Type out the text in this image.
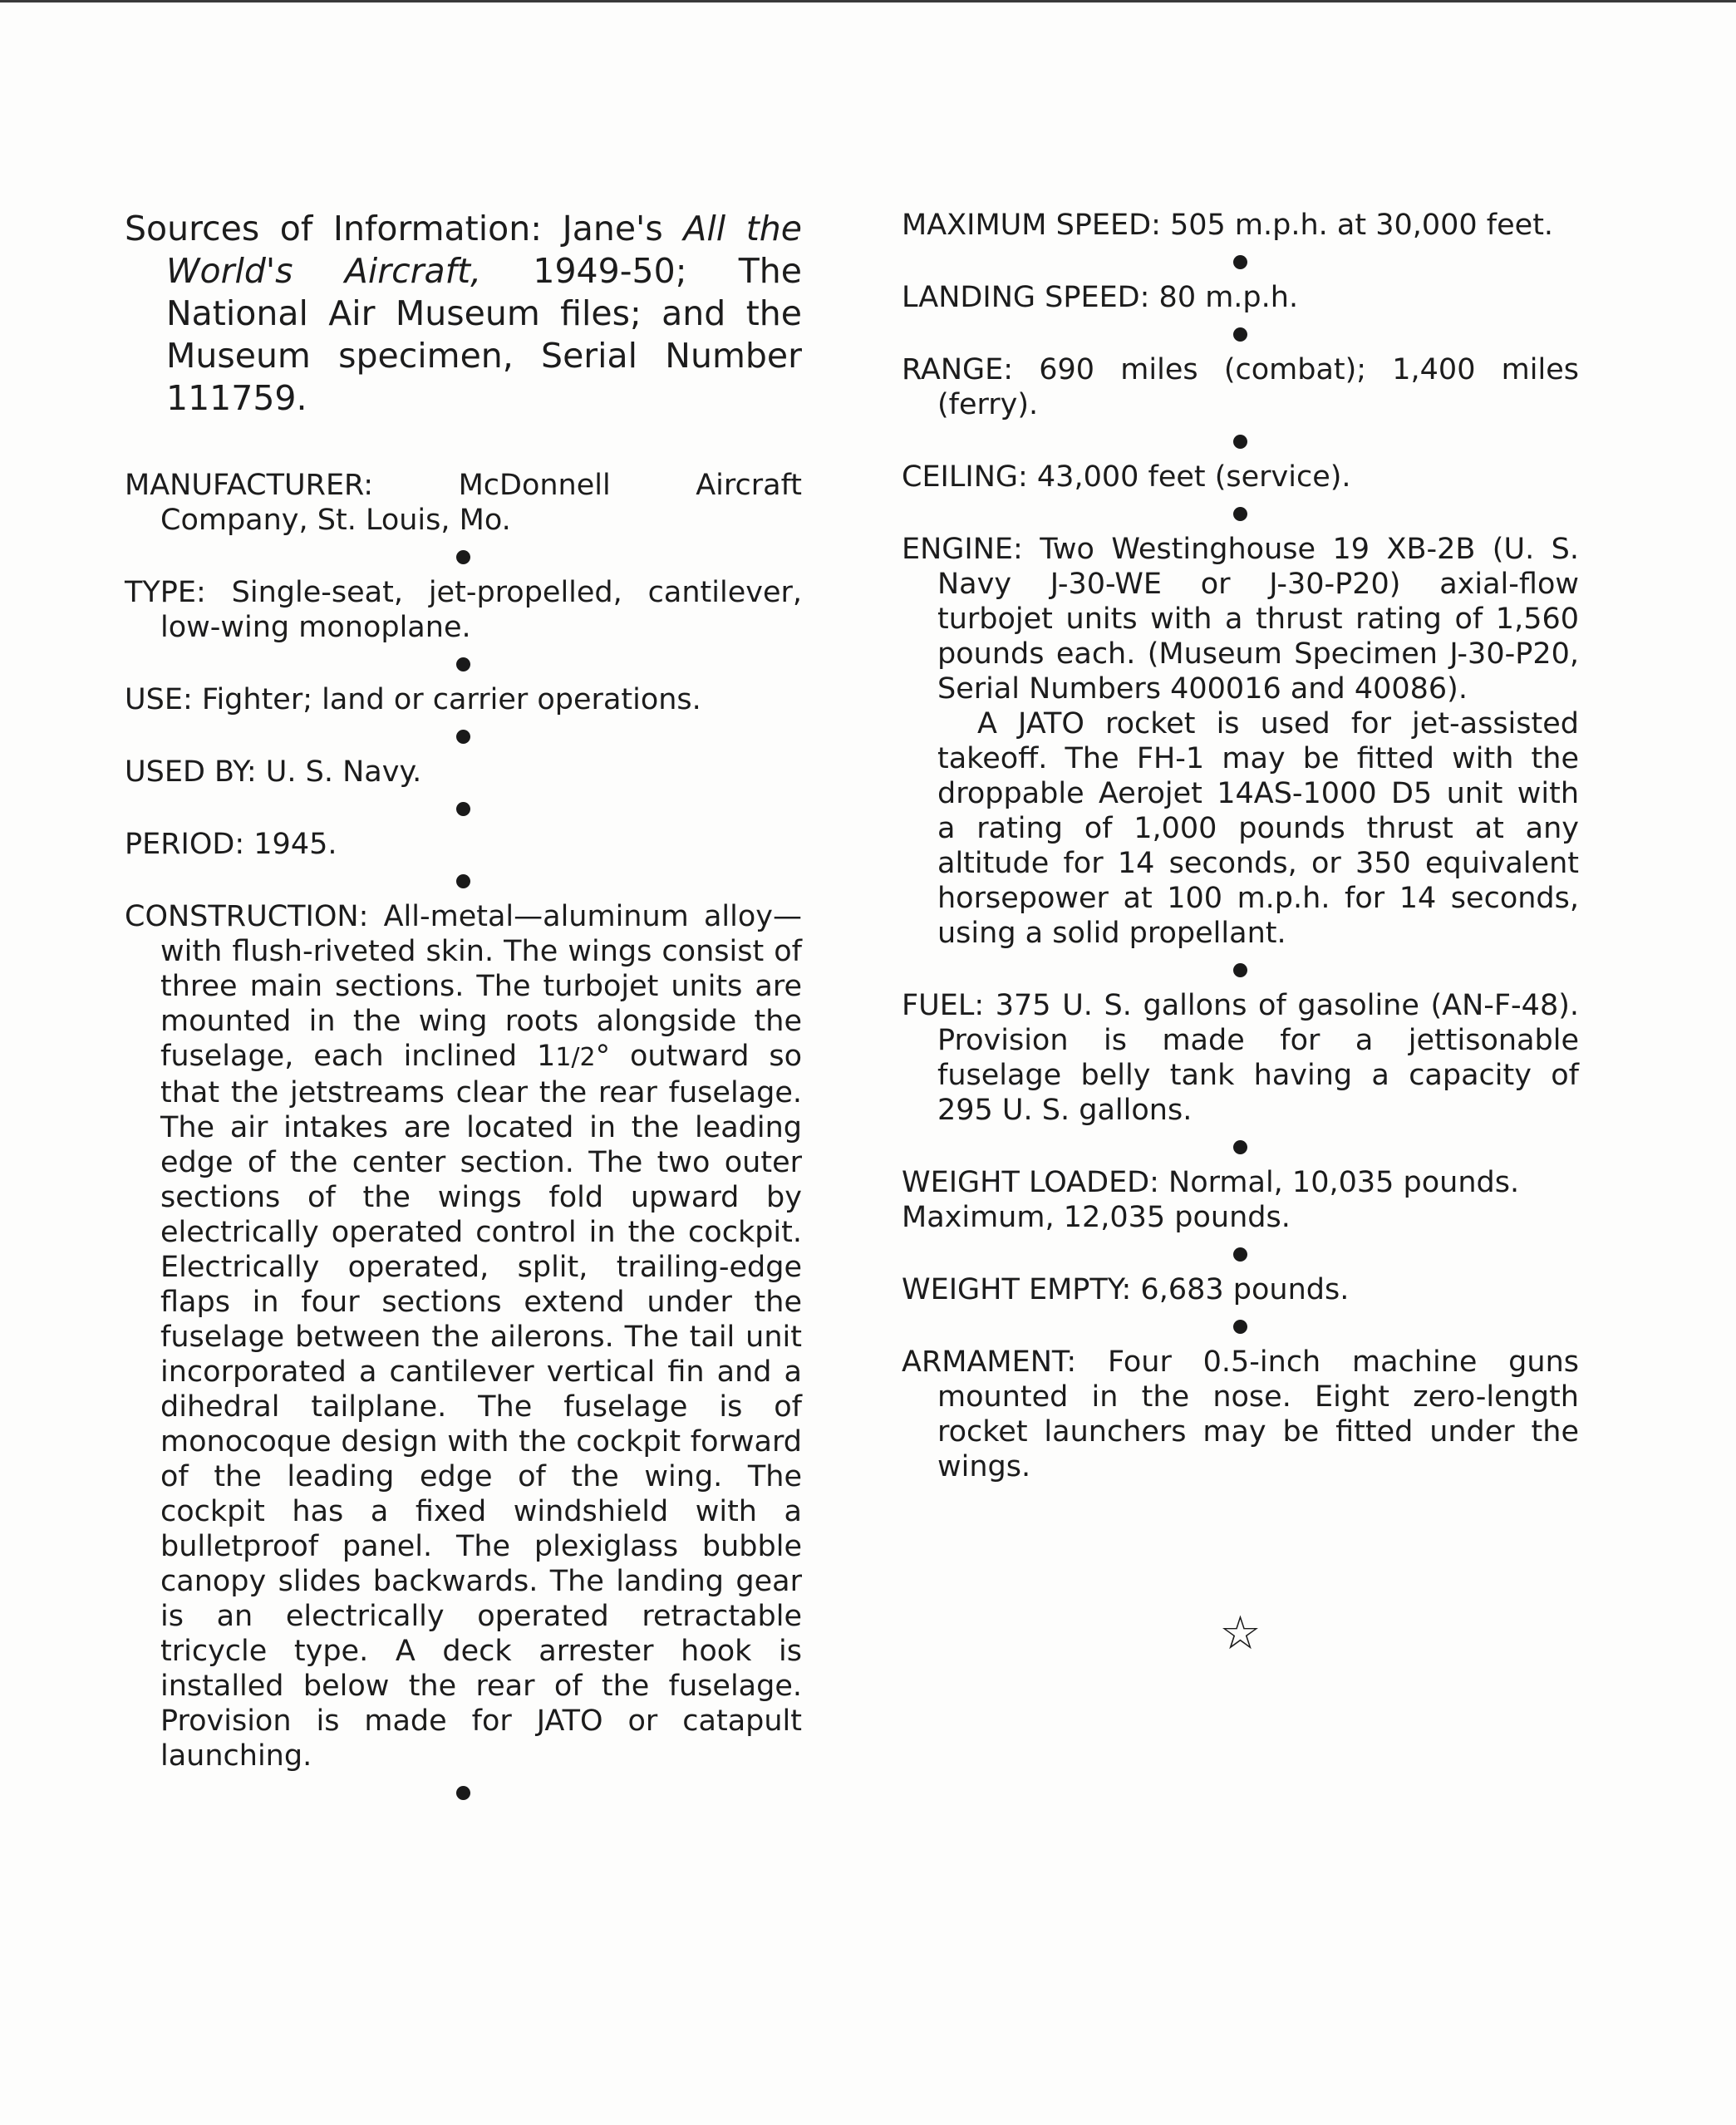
Sources of Information: Jane's All the World's Aircraft, 1949-50; The National Air Museum files; and the Museum specimen, Serial Number 111759.

MANUFACTURER: McDonnell Aircraft Company, St. Louis, Mo.
TYPE: Single-seat, jet-propelled, cantilever, low-wing monoplane.
USE: Fighter; land or carrier operations.
USED BY: U. S. Navy.
PERIOD: 1945.
CONSTRUCTION: All-metal—aluminum alloy—with flush-riveted skin. The wings consist of three main sections. The turbojet units are mounted in the wing roots alongside the fuselage, each inclined 11/2° outward so that the jetstreams clear the rear fuselage. The air intakes are located in the leading edge of the center section. The two outer sections of the wings fold upward by electrically operated control in the cockpit. Electrically operated, split, trailing-edge flaps in four sections extend under the fuselage between the ailerons. The tail unit incorporated a cantilever vertical fin and a dihedral tailplane. The fuselage is of monocoque design with the cockpit forward of the leading edge of the wing. The cockpit has a fixed windshield with a bulletproof panel. The plexiglass bubble canopy slides backwards. The landing gear is an electrically operated retractable tricycle type. A deck arrester hook is installed below the rear of the fuselage. Provision is made for JATO or catapult launching.
MAXIMUM SPEED: 505 m.p.h. at 30,000 feet.
LANDING SPEED: 80 m.p.h.
RANGE: 690 miles (combat); 1,400 miles (ferry).
CEILING: 43,000 feet (service).

ENGINE: Two Westinghouse 19 XB-2B (U. S. Navy J-30-WE or J-30-P20) axial-flow turbojet units with a thrust rating of 1,560 pounds each. (Museum Specimen J-30-P20, Serial Numbers 400016 and 40086).

A JATO rocket is used for jet-assisted takeoff. The FH-1 may be fitted with the droppable Aerojet 14AS-1000 D5 unit with a rating of 1,000 pounds thrust at any altitude for 14 seconds, or 350 equivalent horsepower at 100 m.p.h. for 14 seconds, using a solid propellant.

FUEL: 375 U. S. gallons of gasoline (AN-F-48). Provision is made for a jettisonable fuselage belly tank having a capacity of 295 U. S. gallons.

WEIGHT LOADED: Normal, 10,035 pounds.

Maximum, 12,035 pounds.

WEIGHT EMPTY: 6,683 pounds.
ARMAMENT: Four 0.5-inch machine guns mounted in the nose. Eight zero-length rocket launchers may be fitted under the wings.
☆
